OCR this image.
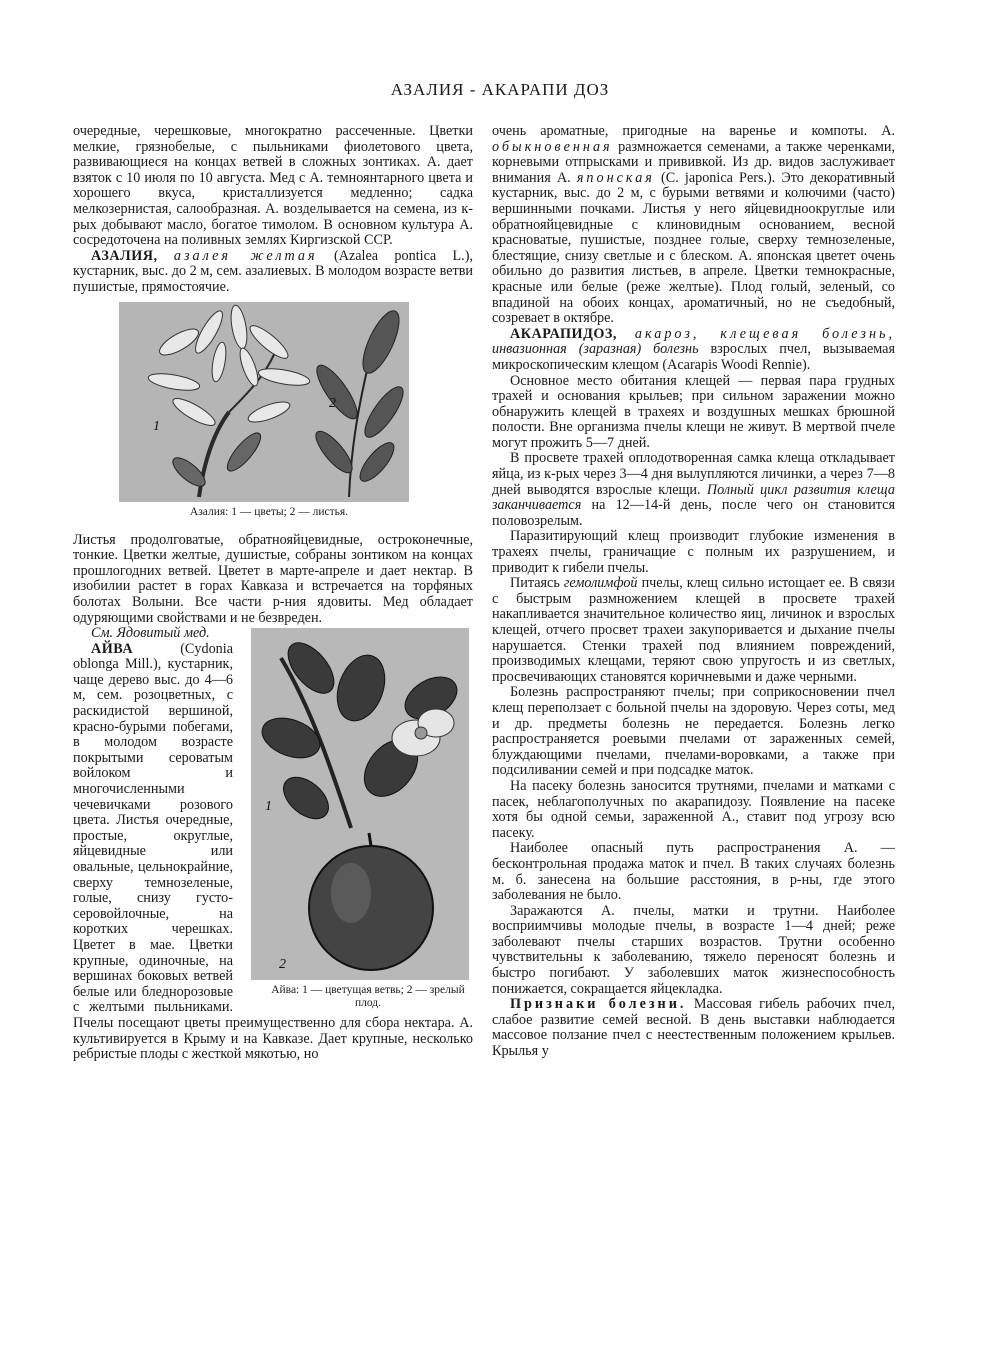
АЗАЛИЯ - АКАРАПИ ДОЗ

очередные, черешковые, многократно рассеченные. Цветки мелкие, грязнобелые, с пыльниками фиолетового цвета, развивающиеся на концах ветвей в сложных зонтиках. А. дает взяток с 10 июля по 10 августа. Мед с А. темноянтарного цвета и хорошего вкуса, кристаллизуется медленно; садка мелкозернистая, салообразная. А. возделывается на семена, из к-рых добывают масло, богатое тимолом. В основном культура А. сосредоточена на поливных землях Киргизской ССР.

АЗАЛИЯ, азалея желтая (Azalea pontica L.), кустарник, выс. до 2 м, сем. азалиевых. В молодом возрасте ветви пушистые, прямостоячие.

1
2
Азалия: 1 — цветы; 2 — листья.

Листья продолговатые, обратнояйцевидные, остроконечные, тонкие. Цветки желтые, душистые, собраны зонтиком на концах прошлогодних ветвей. Цветет в марте-апреле и дает нектар. В изобилии растет в горах Кавказа и встречается на торфяных болотах Волыни. Все части р-ния ядовиты. Мед обладает одуряющими свойствами и не безвреден.

1
2
Айва: 1 — цветущая ветвь; 2 — зрелый плод.

См. Ядовитый мед.

АЙВА	(Cydonia oblonga Mill.), кустарник, чаще дерево выс. до 4—6 м, сем. розоцветных, с раскидистой вершиной, красно-бурыми побегами, в молодом возрасте покрытыми сероватым войлоком и многочисленными чечевичками розового цвета. Листья очередные, простые, округлые, яйцевидные или овальные, цельнокрайние, сверху темнозеленые, голые, снизу густо-серовойлочные, на коротких черешках. Цветет в мае. Цветки крупные, одиночные, на вершинах боковых ветвей белые или бледнорозовые с желтыми пыльниками. Пчелы посещают цветы преимущественно для сбора нектара. А. культивируется в Крыму и на Кавказе. Дает крупные, несколько ребристые плоды с жесткой мякотью, но

очень ароматные, пригодные на варенье и компоты. А. обыкновенная размножается семенами, а также черенками, корневыми отпрысками и прививкой. Из др. видов заслуживает внимания А. японская (C. japonica Pers.). Это декоративный кустарник, выс. до 2 м, с бурыми ветвями и колючими (часто) вершинными почками. Листья у него яйцевидноокруглые или обратнояйцевидные с клиновидным основанием, весной красноватые, пушистые, позднее голые, сверху темнозеленые, блестящие, снизу светлые и с блеском. А. японская цветет очень обильно до развития листьев, в апреле. Цветки темнокрасные, красные или белые (реже желтые). Плод голый, зеленый, со впадиной на обоих концах, ароматичный, но не съедобный, созревает в октябре.

АКАРАПИДОЗ, акароз, клещевая болезнь, инвазионная (заразная) болезнь взрослых пчел, вызываемая микроскопическим клещом (Acarapis Woodi Rennie).

Основное место обитания клещей — первая пара грудных трахей и основания крыльев; при сильном заражении можно обнаружить клещей в трахеях и воздушных мешках брюшной полости. Вне организма пчелы клещи не живут. В мертвой пчеле могут прожить 5—7 дней.

В просвете трахей оплодотворенная самка клеща откладывает яйца, из к-рых через 3—4 дня вылупляются личинки, а через 7—8 дней выводятся взрослые клещи. Полный цикл развития клеща заканчивается на 12—14-й день, после чего он становится половозрелым.

Паразитирующий клещ производит глубокие изменения в трахеях пчелы, граничащие с полным их разрушением, и приводит к гибели пчелы.

Питаясь гемолимфой пчелы, клещ сильно истощает ее. В связи с быстрым размножением клещей в просвете трахей накапливается значительное количество яиц, личинок и взрослых клещей, отчего просвет трахеи закупоривается и дыхание пчелы нарушается. Стенки трахей под влиянием повреждений, производимых клещами, теряют свою упругость и из светлых, просвечивающих становятся коричневыми и даже черными.

Болезнь распространяют пчелы; при соприкосновении пчел клещ переползает с больной пчелы на здоровую. Через соты, мед и др. предметы болезнь не передается. Болезнь легко распространяется роевыми пчелами от зараженных семей, блуждающими пчелами, пчелами-воровками, а также при подсиливании семей и при подсадке маток.

На пасеку болезнь заносится трутнями, пчелами и матками с пасек, неблагополучных по акарапидозу. Появление на пасеке хотя бы одной семьи, зараженной А., ставит под угрозу всю пасеку.

Наиболее опасный путь распространения А. — бесконтрольная продажа маток и пчел. В таких случаях болезнь м. б. занесена на большие расстояния, в р-ны, где этого заболевания не было.

Заражаются А. пчелы, матки и трутни. Наиболее восприимчивы молодые пчелы, в возрасте 1—4 дней; реже заболевают пчелы старших возрастов. Трутни особенно чувствительны к заболеванию, тяжело переносят болезнь и быстро погибают. У заболевших маток жизнеспособность понижается, сокращается яйцекладка.

Признаки болезни. Массовая гибель рабочих пчел, слабое развитие семей весной. В день выставки наблюдается массовое ползание пчел с неестественным положением крыльев. Крылья у
